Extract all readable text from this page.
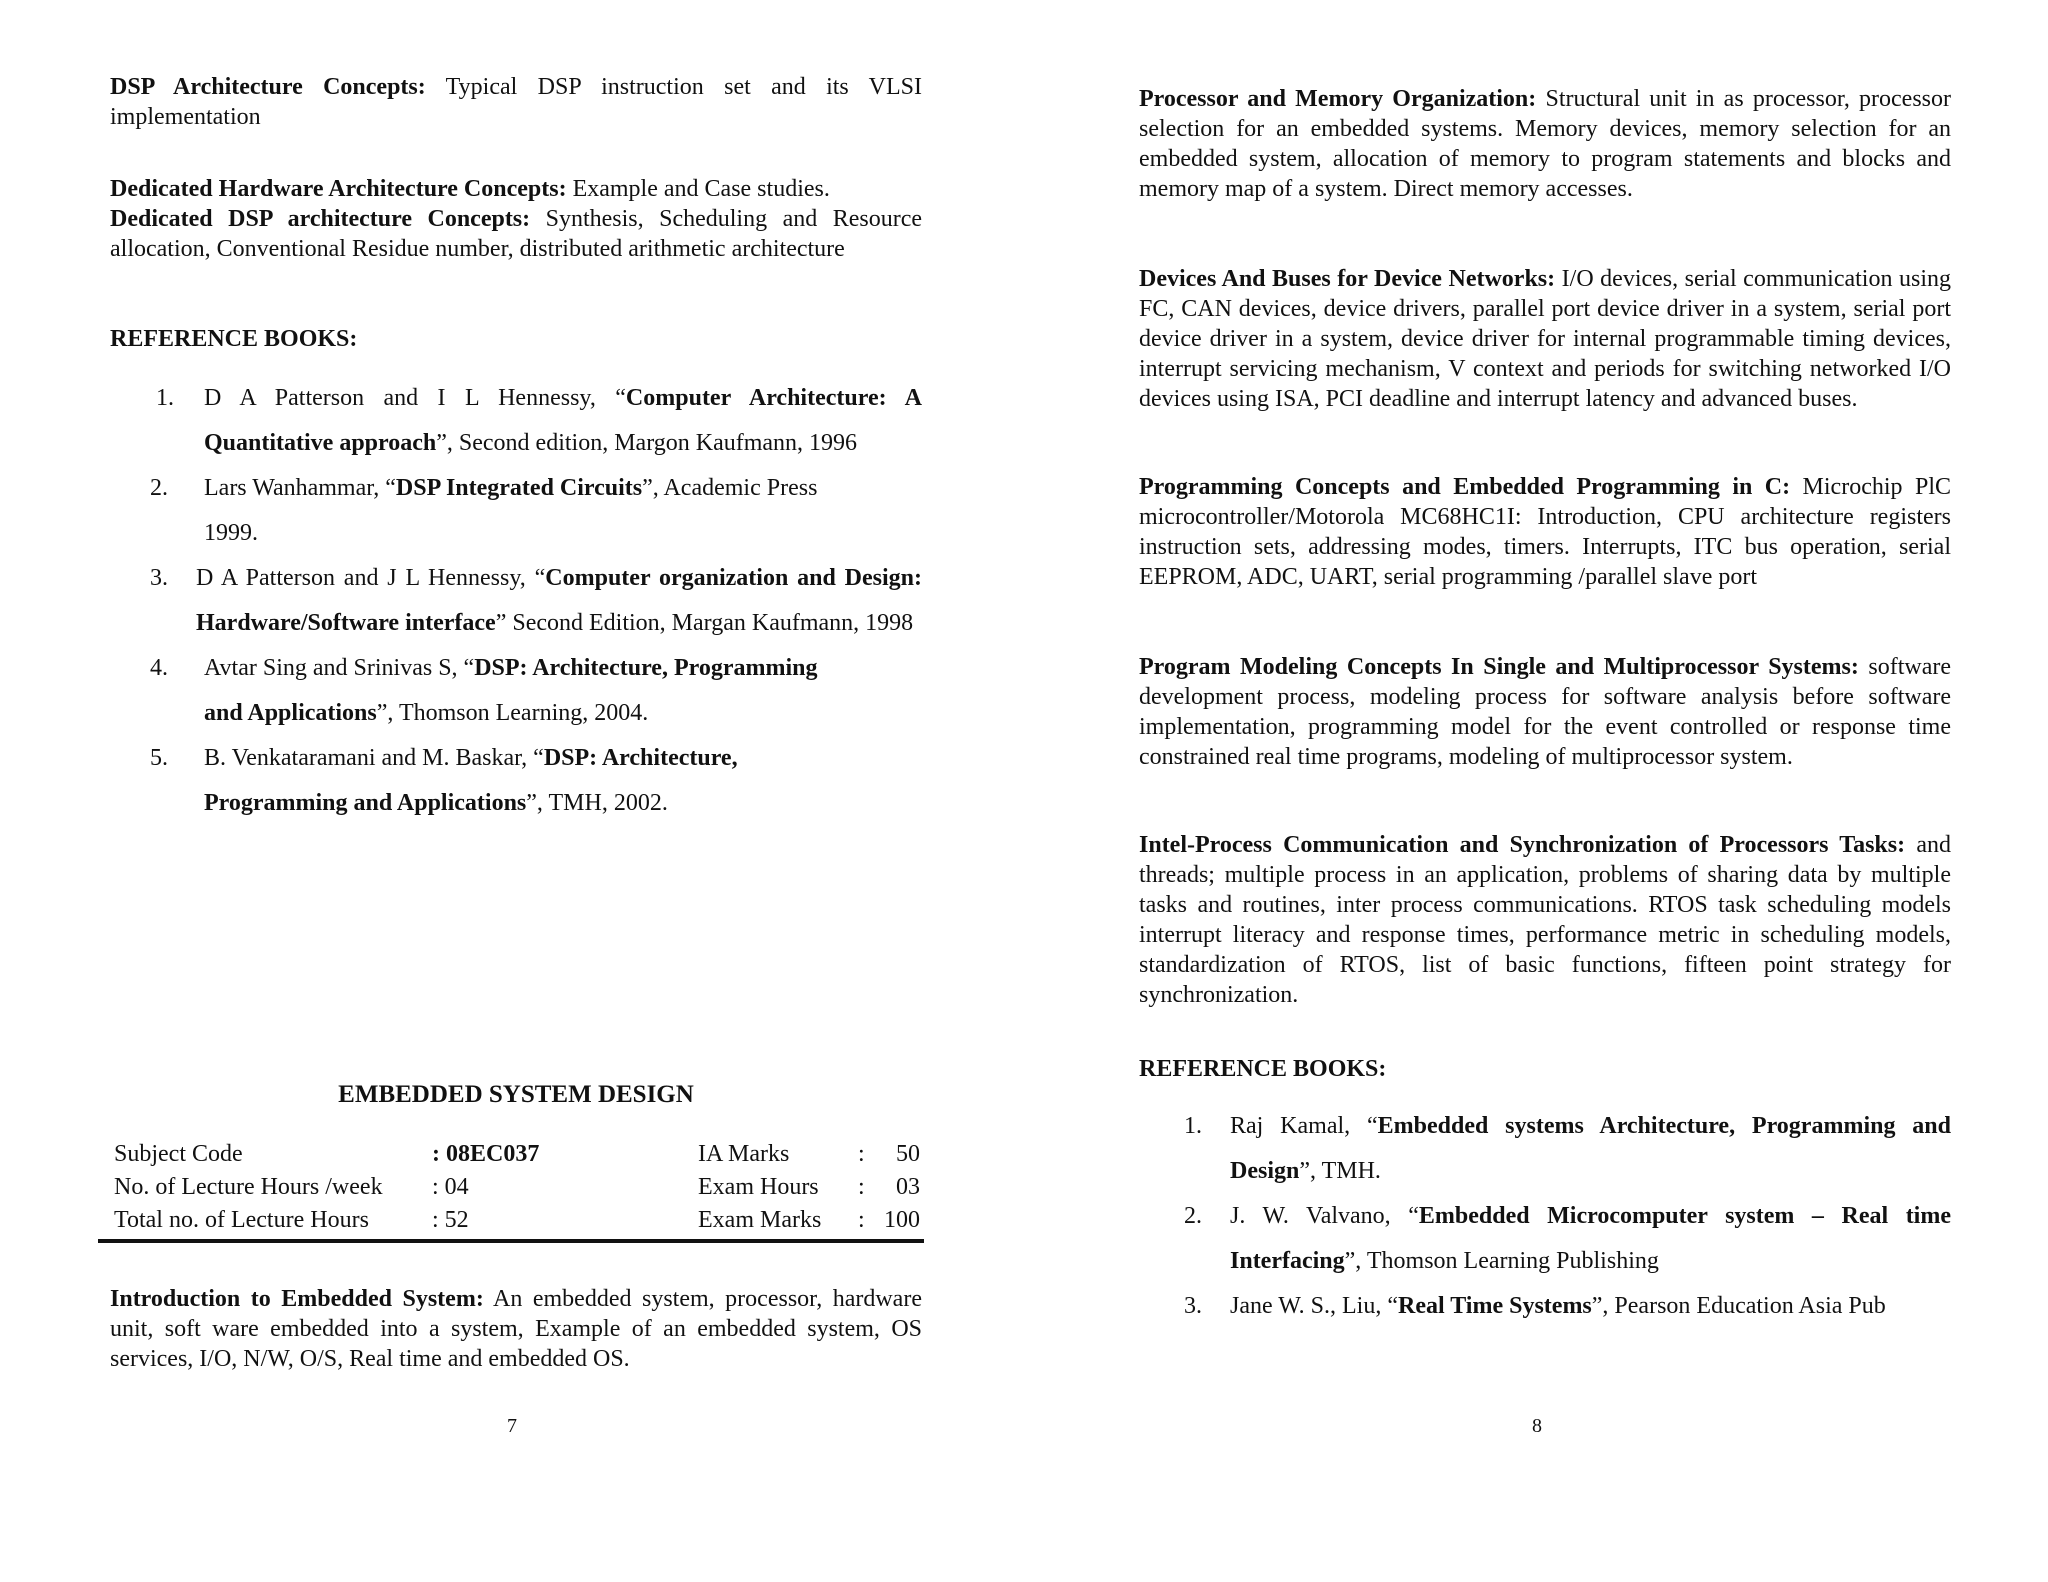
DSP Architecture Concepts: Typical DSP instruction set and its VLSI implementation

Dedicated Hardware Architecture Concepts: Example and Case studies.

Dedicated DSP architecture Concepts: Synthesis, Scheduling and Resource allocation, Conventional Residue number, distributed arithmetic architecture

REFERENCE BOOKS:

1. D A Patterson and I L Hennessy, “Computer Architecture: A Quantitative approach”, Second edition, Margon Kaufmann, 1996
2. Lars Wanhammar, “DSP Integrated Circuits”, Academic Press 1999.
3. D A Patterson and J L Hennessy, “Computer organization and Design: Hardware/Software interface” Second Edition, Margan Kaufmann, 1998
4. Avtar Sing and Srinivas S, “DSP: Architecture, Programming and Applications”, Thomson Learning, 2004.
5. B. Venkataramani and M. Baskar, “DSP: Architecture, Programming and Applications”, TMH, 2002.

EMBEDDED SYSTEM DESIGN

Subject Code	: 08EC037	IA Marks	:	50
No. of Lecture Hours /week	: 04	Exam Hours	:	03
Total no. of Lecture Hours	: 52	Exam Marks	:	100

Introduction to Embedded System: An embedded system, processor, hardware unit, soft ware embedded into a system, Example of an embedded system, OS services, I/O, N/W, O/S, Real time and embedded OS.

7

Processor and Memory Organization: Structural unit in as processor, processor selection for an embedded systems. Memory devices, memory selection for an embedded system, allocation of memory to program statements and blocks and memory map of a system. Direct memory accesses.

Devices And Buses for Device Networks: I/O devices, serial communication using FC, CAN devices, device drivers, parallel port device driver in a system, serial port device driver in a system, device driver for internal programmable timing devices, interrupt servicing mechanism, V context and periods for switching networked I/O devices using ISA, PCI deadline and interrupt latency and advanced buses.

Programming Concepts and Embedded Programming in C: Microchip PlC microcontroller/Motorola MC68HC1I: Introduction, CPU architecture registers instruction sets, addressing modes, timers. Interrupts, ITC bus operation, serial EEPROM, ADC, UART, serial programming /parallel slave port

Program Modeling Concepts In Single and Multiprocessor Systems: software development process, modeling process for software analysis before software implementation, programming model for the event controlled or response time constrained real time programs, modeling of multiprocessor system.

Intel-Process Communication and Synchronization of Processors Tasks: and threads; multiple process in an application, problems of sharing data by multiple tasks and routines, inter process communications. RTOS task scheduling models interrupt literacy and response times, performance metric in scheduling models, standardization of RTOS, list of basic functions, fifteen point strategy for synchronization.

REFERENCE BOOKS:

1. Raj Kamal, “Embedded systems Architecture, Programming and Design”, TMH.
2. J. W. Valvano, “Embedded Microcomputer system – Real time Interfacing”, Thomson Learning Publishing
3. Jane W. S., Liu, “Real Time Systems”, Pearson Education Asia Pub
8
